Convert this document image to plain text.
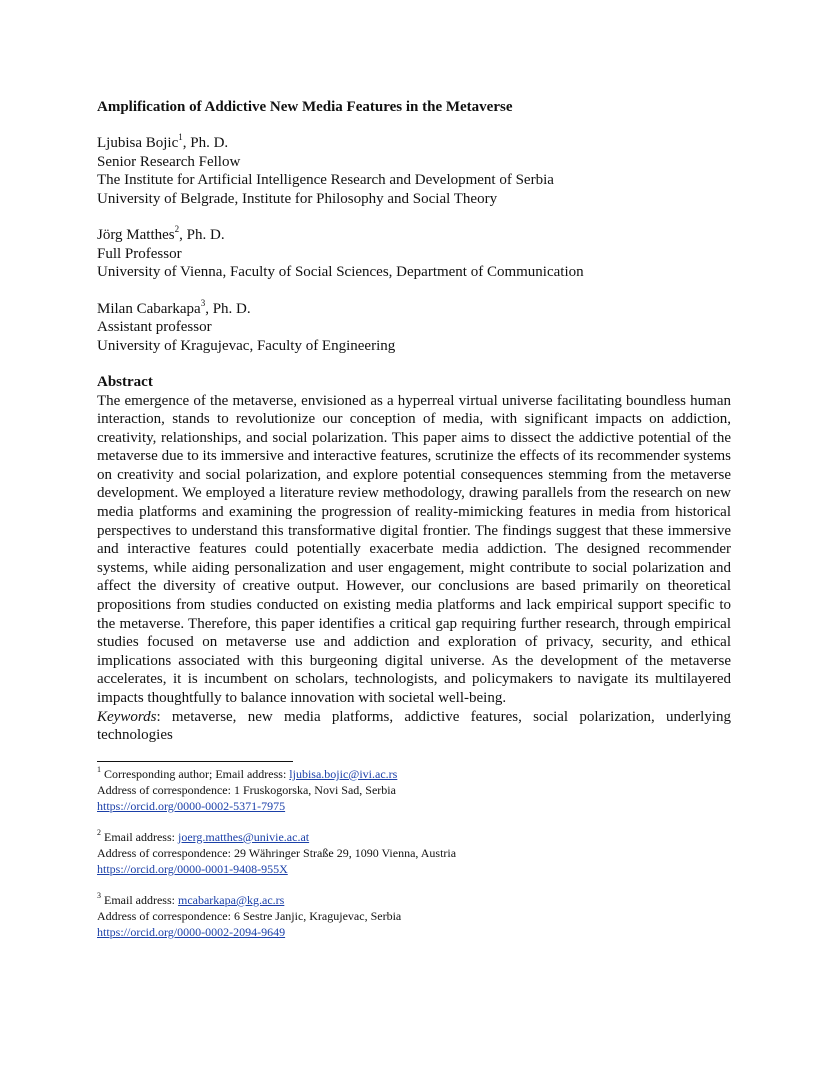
Amplification of Addictive New Media Features in the Metaverse
Ljubisa Bojic$^1$, Ph. D.
Senior Research Fellow
The Institute for Artificial Intelligence Research and Development of Serbia
University of Belgrade, Institute for Philosophy and Social Theory
Jörg Matthes$^2$, Ph. D.
Full Professor
University of Vienna, Faculty of Social Sciences, Department of Communication
Milan Cabarkapa$^3$, Ph. D.
Assistant professor
University of Kragujevac, Faculty of Engineering
Abstract
The emergence of the metaverse, envisioned as a hyperreal virtual universe facilitating boundless human interaction, stands to revolutionize our conception of media, with significant impacts on addiction, creativity, relationships, and social polarization. This paper aims to dissect the addictive potential of the metaverse due to its immersive and interactive features, scrutinize the effects of its recommender systems on creativity and social polarization, and explore potential consequences stemming from the metaverse development. We employed a literature review methodology, drawing parallels from the research on new media platforms and examining the progression of reality-mimicking features in media from historical perspectives to understand this transformative digital frontier. The findings suggest that these immersive and interactive features could potentially exacerbate media addiction. The designed recommender systems, while aiding personalization and user engagement, might contribute to social polarization and affect the diversity of creative output. However, our conclusions are based primarily on theoretical propositions from studies conducted on existing media platforms and lack empirical support specific to the metaverse. Therefore, this paper identifies a critical gap requiring further research, through empirical studies focused on metaverse use and addiction and exploration of privacy, security, and ethical implications associated with this burgeoning digital universe. As the development of the metaverse accelerates, it is incumbent on scholars, technologists, and policymakers to navigate its multilayered impacts thoughtfully to balance innovation with societal well-being.
Keywords: metaverse, new media platforms, addictive features, social polarization, underlying technologies
$^1$ Corresponding author; Email address: ljubisa.bojic@ivi.ac.rs
Address of correspondence: 1 Fruskogorska, Novi Sad, Serbia
https://orcid.org/0000-0002-5371-7975
$^2$ Email address: joerg.matthes@univie.ac.at
Address of correspondence: 29 Währinger Straße 29, 1090 Vienna, Austria
https://orcid.org/0000-0001-9408-955X
$^3$ Email address: mcabarkapa@kg.ac.rs
Address of correspondence: 6 Sestre Janjic, Kragujevac, Serbia
https://orcid.org/0000-0002-2094-9649
